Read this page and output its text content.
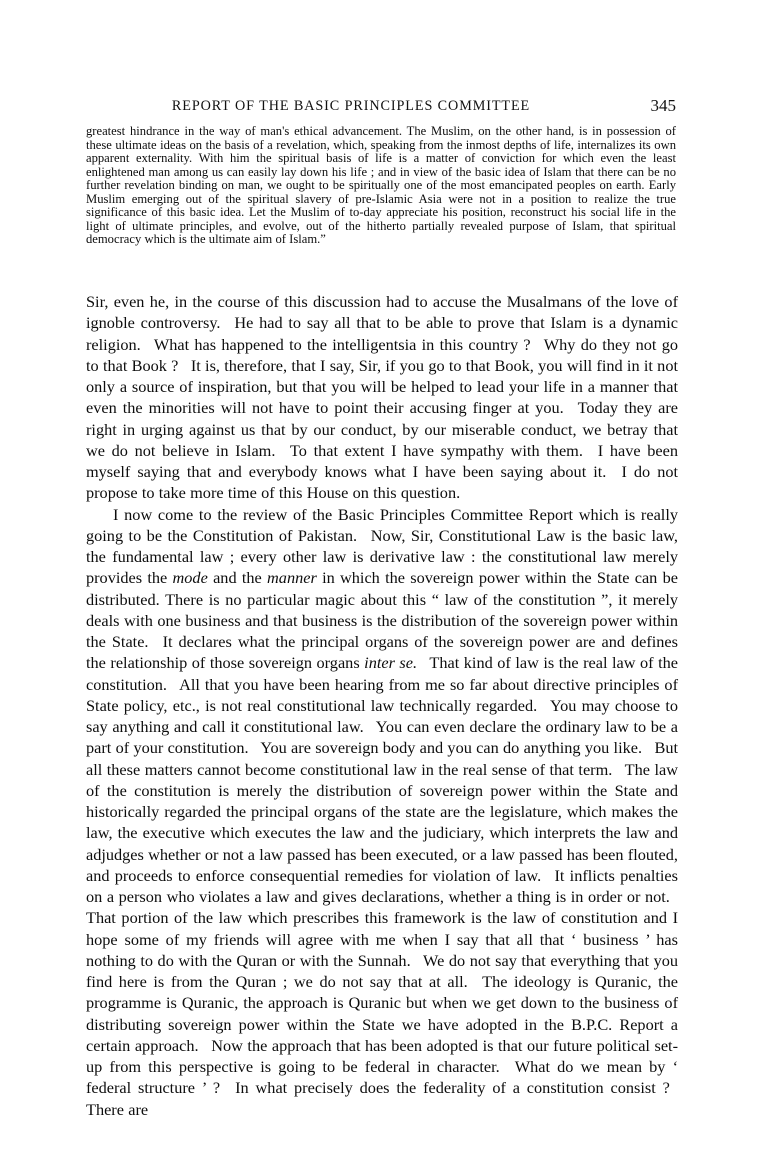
REPORT OF THE BASIC PRINCIPLES COMMITTEE	345
greatest hindrance in the way of man's ethical advancement. The Muslim, on the other hand, is in possession of these ultimate ideas on the basis of a revelation, which, speaking from the inmost depths of life, internalizes its own apparent externality. With him the spiritual basis of life is a matter of conviction for which even the least enlightened man among us can easily lay down his life ; and in view of the basic idea of Islam that there can be no further revelation binding on man, we ought to be spiritually one of the most emancipated peoples on earth. Early Muslim emerging out of the spiritual slavery of pre-Islamic Asia were not in a position to realize the true significance of this basic idea. Let the Muslim of to-day appreciate his position, reconstruct his social life in the light of ultimate principles, and evolve, out of the hitherto partially revealed purpose of Islam, that spiritual democracy which is the ultimate aim of Islam.”

Sir, even he, in the course of this discussion had to accuse the Musalmans of the love of ignoble controversy.  He had to say all that to be able to prove that Islam is a dynamic religion.  What has happened to the intelligentsia in this country ?  Why do they not go to that Book ?  It is, therefore, that I say, Sir, if you go to that Book, you will find in it not only a source of inspiration, but that you will be helped to lead your life in a manner that even the minorities will not have to point their accusing finger at you.  Today they are right in urging against us that by our conduct, by our miserable conduct, we betray that we do not believe in Islam.  To that extent I have sympathy with them.  I have been myself saying that and everybody knows what I have been saying about it.  I do not propose to take more time of this House on this question.

I now come to the review of the Basic Principles Committee Report which is really going to be the Constitution of Pakistan.  Now, Sir, Constitutional Law is the basic law, the fundamental law ; every other law is derivative law : the constitutional law merely provides the mode and the manner in which the sovereign power within the State can be distributed. There is no particular magic about this “ law of the constitution ”, it merely deals with one business and that business is the distribution of the sovereign power within the State.  It declares what the principal organs of the sovereign power are and defines the relationship of those sovereign organs inter se.  That kind of law is the real law of the constitution.  All that you have been hearing from me so far about directive principles of State policy, etc., is not real constitutional law technically regarded.  You may choose to say anything and call it constitutional law.  You can even declare the ordinary law to be a part of your constitution.  You are sovereign body and you can do anything you like.  But all these matters cannot become constitutional law in the real sense of that term.  The law of the constitution is merely the distribution of sovereign power within the State and historically regarded the principal organs of the state are the legislature, which makes the law, the executive which executes the law and the judiciary, which interprets the law and adjudges whether or not a law passed has been executed, or a law passed has been flouted, and proceeds to enforce consequential remedies for violation of law.  It inflicts penalties on a person who violates a law and gives declarations, whether a thing is in order or not.  That portion of the law which prescribes this framework is the law of constitution and I hope some of my friends will agree with me when I say that all that ‘ business ’ has nothing to do with the Quran or with the Sunnah.  We do not say that everything that you find here is from the Quran ; we do not say that at all.  The ideology is Quranic, the programme is Quranic, the approach is Quranic but when we get down to the business of distributing sovereign power within the State we have adopted in the B.P.C. Report a certain approach.  Now the approach that has been adopted is that our future political set-up from this perspective is going to be federal in character.  What do we mean by ‘ federal structure ’ ?  In what precisely does the federality of a constitution consist ?  There are
